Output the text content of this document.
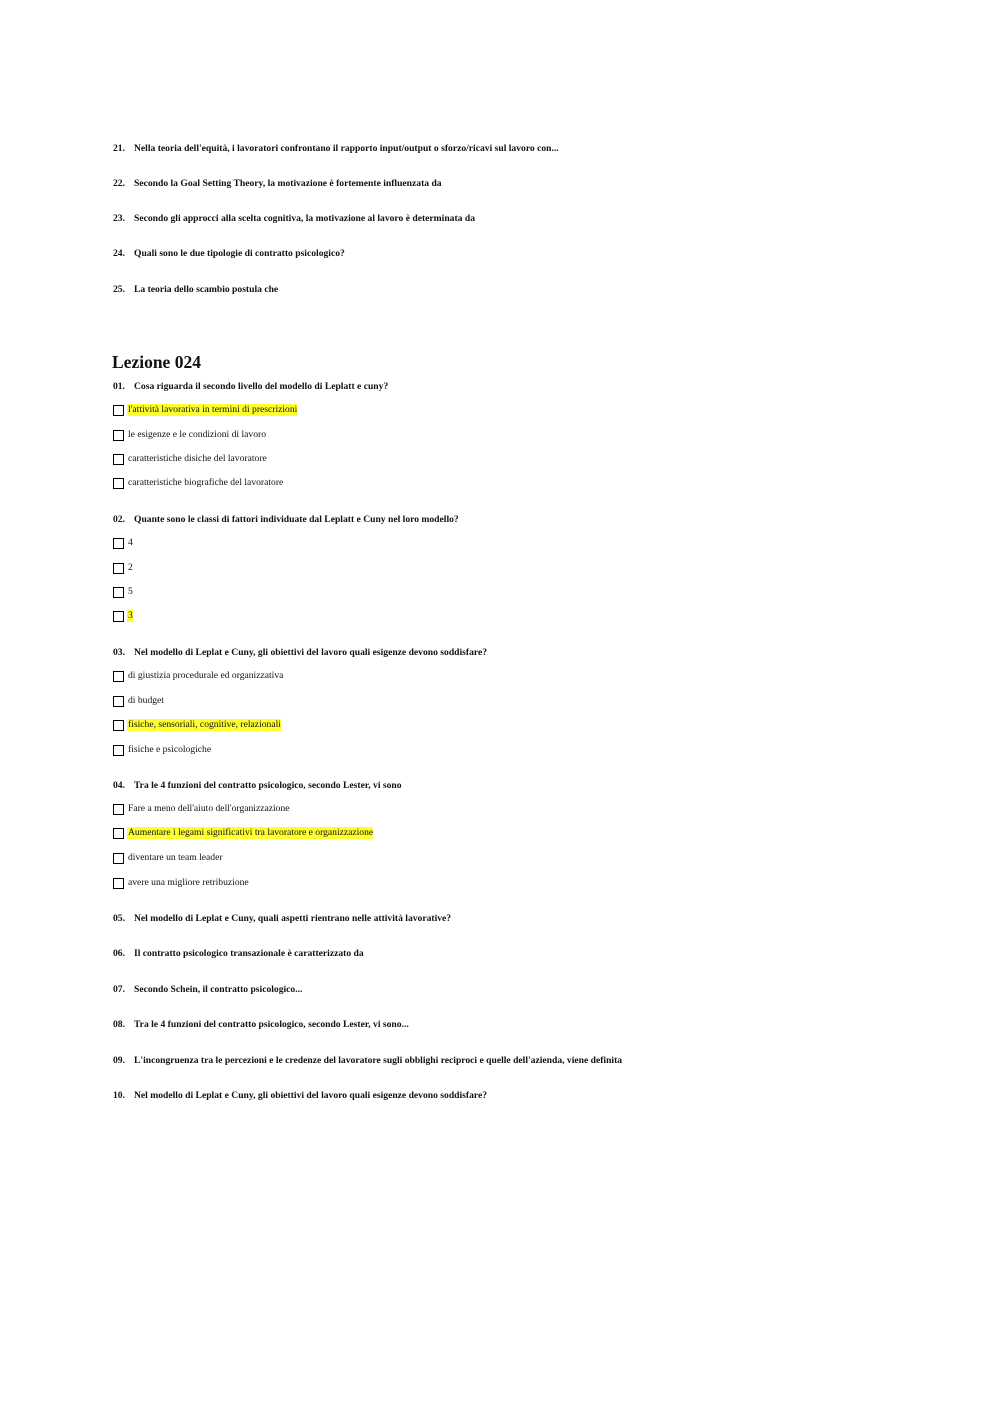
21. Nella teoria dell'equità, i lavoratori confrontano il rapporto input/output o sforzo/ricavi sul lavoro con...
22. Secondo la Goal Setting Theory, la motivazione è fortemente influenzata da
23. Secondo gli approcci alla scelta cognitiva, la motivazione al lavoro è determinata da
24. Quali sono le due tipologie di contratto psicologico?
25. La teoria dello scambio postula che
Lezione 024
01. Cosa riguarda il secondo livello del modello di Leplatt e cuny?
l'attività lavorativa in termini di prescrizioni
le esigenze e le condizioni di lavoro
caratteristiche disiche del lavoratore
caratteristiche biografiche del lavoratore
02. Quante sono le classi di fattori individuate dal Leplatt e Cuny nel loro modello?
4
2
5
3
03. Nel modello di Leplat e Cuny, gli obiettivi del lavoro quali esigenze devono soddisfare?
di giustizia procedurale ed organizzativa
di budget
fisiche, sensoriali, cognitive, relazionali
fisiche e psicologiche
04. Tra le 4 funzioni del contratto psicologico, secondo Lester, vi sono
Fare a meno dell'aiuto dell'organizzazione
Aumentare i legami significativi tra lavoratore e organizzazione
diventare un team leader
avere una migliore retribuzione
05. Nel modello di Leplat e Cuny, quali aspetti rientrano nelle attività lavorative?
06. Il contratto psicologico transazionale è caratterizzato da
07. Secondo Schein, il contratto psicologico...
08. Tra le 4 funzioni del contratto psicologico, secondo Lester, vi sono...
09. L'incongruenza tra le percezioni e le credenze del lavoratore sugli obblighi reciproci e quelle dell'azienda, viene definita
10. Nel modello di Leplat e Cuny, gli obiettivi del lavoro quali esigenze devono soddisfare?
